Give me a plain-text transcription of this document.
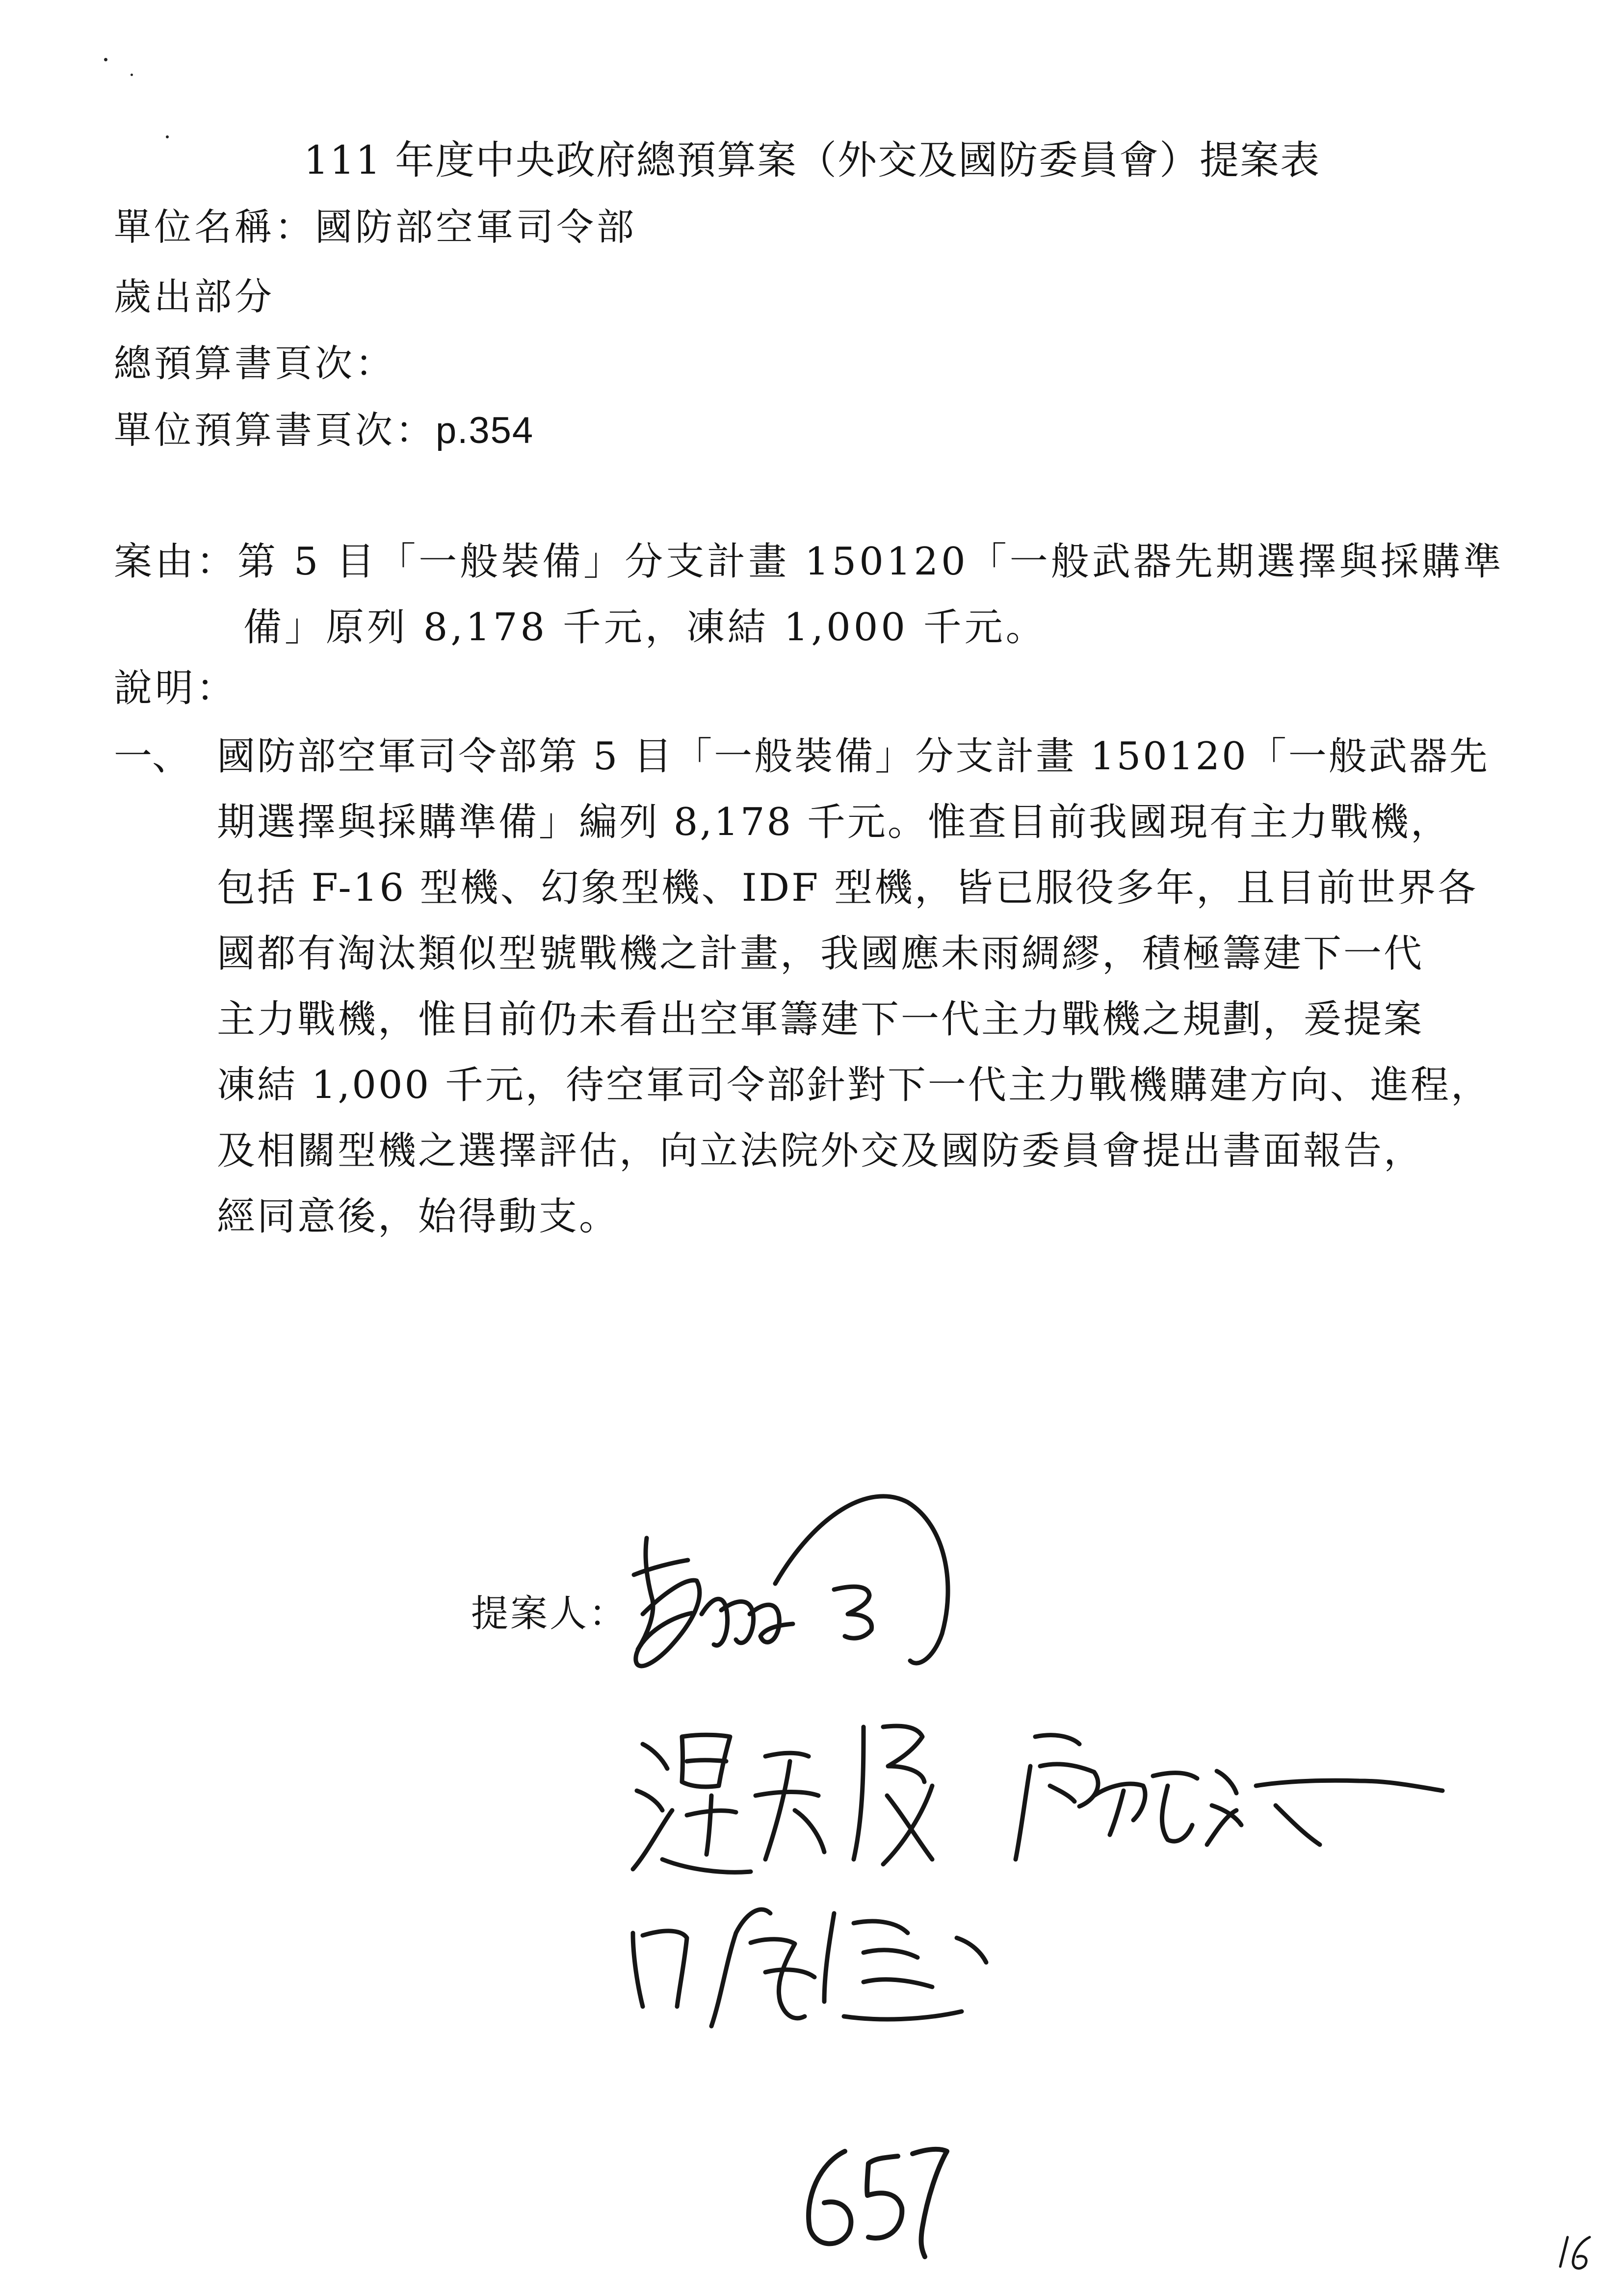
111 年度中央政府總預算案（外交及國防委員會）提案表
單位名稱：國防部空軍司令部
歲出部分
總預算書頁次：
單位預算書頁次：p.354
案由：第 5 目「一般裝備」分支計畫 150120「一般武器先期選擇與採購準
備」原列 8,178 千元，凍結 1,000 千元。
說明：
一、 國防部空軍司令部第 5 目「一般裝備」分支計畫 150120「一般武器先
期選擇與採購準備」編列 8,178 千元。惟查目前我國現有主力戰機，
包括 F-16 型機、幻象型機、IDF 型機，皆已服役多年，且目前世界各
國都有淘汰類似型號戰機之計畫，我國應未雨綢繆，積極籌建下一代
主力戰機，惟目前仍未看出空軍籌建下一代主力戰機之規劃，爰提案
凍結 1,000 千元，待空軍司令部針對下一代主力戰機購建方向、進程，
及相關型機之選擇評估，向立法院外交及國防委員會提出書面報告，
經同意後，始得動支。
提案人：
